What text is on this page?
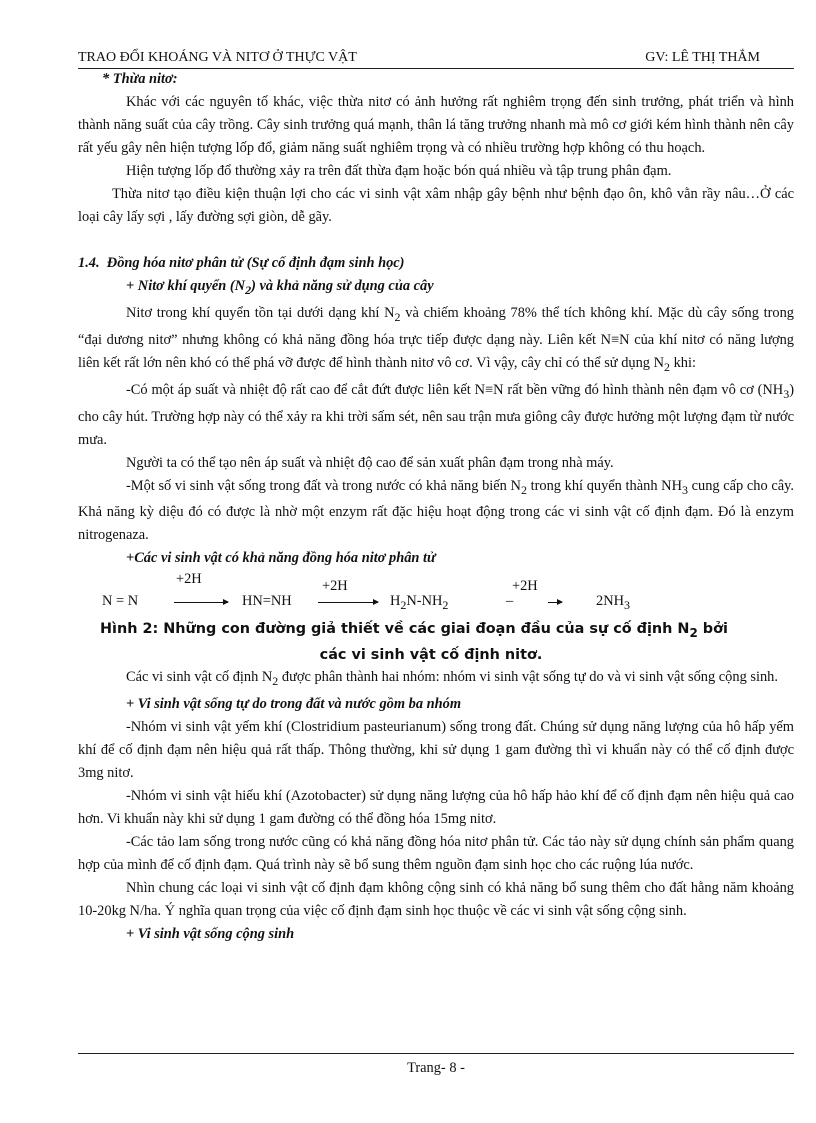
TRAO ĐỔI KHOÁNG VÀ NITƠ Ở THỰC VẬT	GV: LÊ THỊ THẮM

* Thừa nitơ:

Khác với các nguyên tố khác, việc thừa nitơ có ảnh hưởng rất nghiêm trọng đến sinh trưởng, phát triển và hình thành năng suất của cây trồng. Cây sinh trưởng quá mạnh, thân lá tăng trưởng nhanh mà mô cơ giới kém hình thành nên cây rất yếu gây nên hiện tượng lốp đổ, giảm năng suất nghiêm trọng và có nhiều trường hợp không có thu hoạch.

Hiện tượng lốp đổ thường xảy ra trên đất thừa đạm hoặc bón quá nhiều và tập trung phân đạm.

Thừa nitơ tạo điều kiện thuận lợi cho các vi sinh vật xâm nhập gây bệnh như bệnh đạo ôn, khô vằn rầy nâu…Ở các loại cây lấy sợi , lấy đường sợi giòn, dễ gãy.

1.4. Đồng hóa nitơ phân tử (Sự cố định đạm sinh học)

+ Nitơ khí quyển $(N_2)$ và khả năng sử dụng của cây

Nitơ trong khí quyển tồn tại dưới dạng khí $N_2$ và chiếm khoảng 78% thể tích không khí. Mặc dù cây sống trong “đại dương nitơ” nhưng không có khả năng đồng hóa trực tiếp được dạng này. Liên kết N≡N của khí nitơ có năng lượng liên kết rất lớn nên khó có thể phá vỡ được để hình thành nitơ vô cơ. Vì vậy, cây chỉ có thể sử dụng $N_2$ khi:

-Có một áp suất và nhiệt độ rất cao để cắt đứt được liên kết N≡N rất bền vững đó hình thành nên đạm vô cơ $(NH_3)$ cho cây hút. Trường hợp này có thể xảy ra khi trời sấm sét, nên sau trận mưa giông cây được hưởng một lượng đạm từ nước mưa.

Người ta có thể tạo nên áp suất và nhiệt độ cao để sản xuất phân đạm trong nhà máy.

-Một số vi sinh vật sống trong đất và trong nước có khả năng biến $N_2$ trong khí quyển thành $NH_3$ cung cấp cho cây. Khả năng kỳ diệu đó có được là nhờ một enzym rất đặc hiệu hoạt động trong các vi sinh vật cố định đạm. Đó là enzym nitrogenaza.

+Các vi sinh vật có khả năng đồng hóa nitơ phân tử

N = N
+2H
→ HN=NH
+2H
$H_2N-NH_2$	–
+2H
$2NH_3$
Hình 2: Những con đường giả thiết về các giai đoạn đầu của sự cố định $N_2$ bởi
các vi sinh vật cố định nitơ.

Các vi sinh vật cố định $N_2$ được phân thành hai nhóm: nhóm vi sinh vật sống tự do và vi sinh vật sống cộng sinh.

+ Vi sinh vật sống tự do trong đất và nước gồm ba nhóm

-Nhóm vi sinh vật yếm khí (Clostridium pasteurianum) sống trong đất. Chúng sử dụng năng lượng của hô hấp yếm khí để cố định đạm nên hiệu quả rất thấp. Thông thường, khi sử dụng 1 gam đường thì vi khuẩn này có thể cố định được 3mg nitơ.

-Nhóm vi sinh vật hiếu khí (Azotobacter) sử dụng năng lượng của hô hấp hảo khí để cố định đạm nên hiệu quả cao hơn. Vi khuẩn này khi sử dụng 1 gam đường có thể đồng hóa 15mg nitơ.

-Các tảo lam sống trong nước cũng có khả năng đồng hóa nitơ phân tử. Các tảo này sử dụng chính sản phẩm quang hợp của mình để cố định đạm. Quá trình này sẽ bổ sung thêm nguồn đạm sinh học cho các ruộng lúa nước.

Nhìn chung các loại vi sinh vật cố định đạm không cộng sinh có khả năng bổ sung thêm cho đất hằng năm khoảng 10-20kg N/ha. Ý nghĩa quan trọng của việc cố định đạm sinh học thuộc về các vi sinh vật sống cộng sinh.

+ Vi sinh vật sống cộng sinh

Trang- 8 -
